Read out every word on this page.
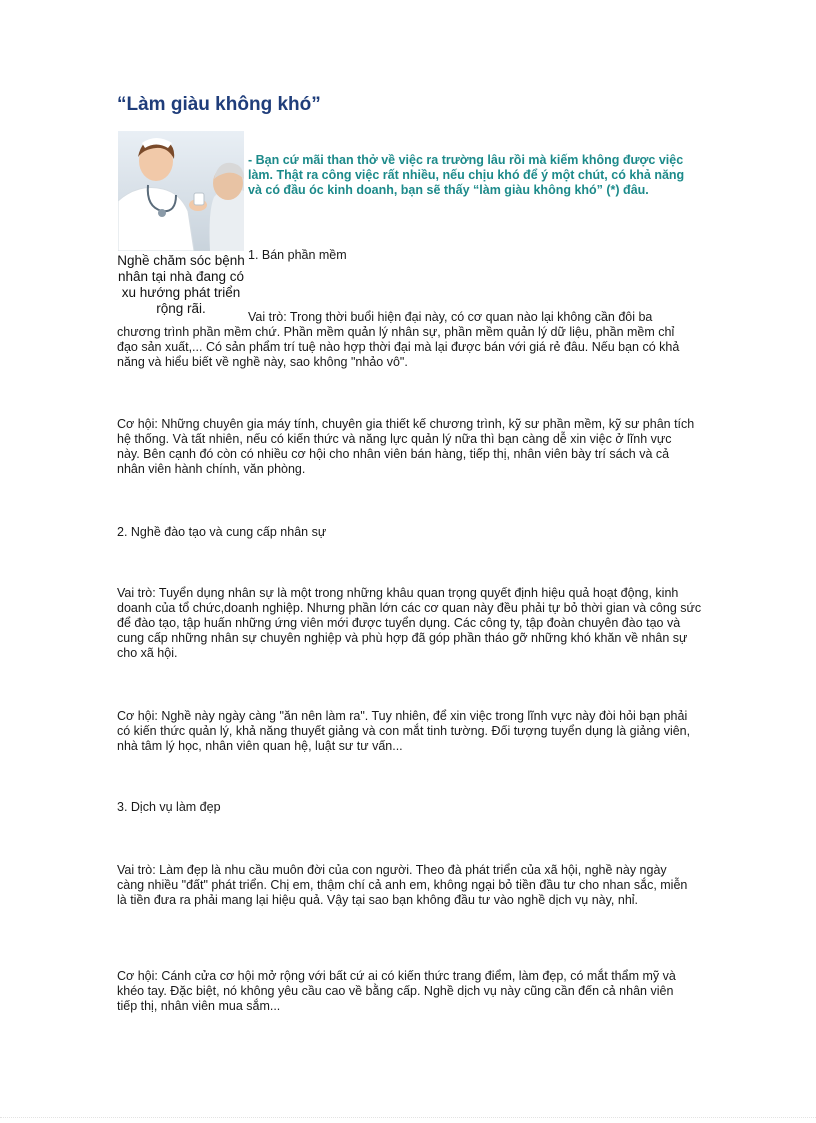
“Làm giàu không khó”
Nghề chăm sóc bệnh nhân tại nhà đang có xu hướng phát triển rộng rãi.

- Bạn cứ mãi than thở về việc ra trường lâu rồi mà kiếm không được việc làm. Thật ra công việc rất nhiều, nếu chịu khó để ý một chút, có khả năng và có đầu óc kinh doanh, bạn sẽ thấy “làm giàu không khó” (*) đâu.

1. Bán phần mềm

Vai trò: Trong thời buổi hiện đại này, có cơ quan nào lại không cần đôi ba chương trình phần mềm chứ. Phần mềm quản lý nhân sự, phần mềm quản lý dữ liệu, phần mềm chỉ đạo sản xuất,... Có sản phẩm trí tuệ nào hợp thời đại mà lại được bán với giá rẻ đâu. Nếu bạn có khả năng và hiểu biết về nghề này, sao không "nhảo vô".

Cơ hội: Những chuyên gia máy tính, chuyên gia thiết kế chương trình, kỹ sư phần mềm, kỹ sư phân tích hệ thống. Và tất nhiên, nếu có kiến thức và năng lực quản lý nữa thì bạn càng dễ xin việc ở lĩnh vực này. Bên cạnh đó còn có nhiều cơ hội cho nhân viên bán hàng, tiếp thị, nhân viên bày trí sách và cả nhân viên hành chính, văn phòng.

2. Nghề đào tạo và cung cấp nhân sự

Vai trò: Tuyển dụng nhân sự là một trong những khâu quan trọng quyết định hiệu quả hoạt động, kinh doanh của tổ chức,doanh nghiệp. Nhưng phần lớn các cơ quan này đều phải tự bỏ thời gian và công sức để đào tạo, tập huấn những ứng viên mới được tuyển dụng. Các công ty, tập đoàn chuyên đào tạo và cung cấp những nhân sự chuyên nghiệp và phù hợp đã góp phần tháo gỡ những khó khăn về nhân sự cho xã hội.

Cơ hội: Nghề này ngày càng "ăn nên làm ra". Tuy nhiên, để xin việc trong lĩnh vực này đòi hỏi bạn phải có kiến thức quản lý, khả năng thuyết giảng và con mắt tinh tường. Đối tượng tuyển dụng là giảng viên, nhà tâm lý học, nhân viên quan hệ, luật sư tư vấn...

3. Dịch vụ làm đẹp

Vai trò: Làm đẹp là nhu cầu muôn đời của con người. Theo đà phát triển của xã hội, nghề này ngày càng nhiều "đất" phát triển. Chị em, thậm chí cả anh em, không ngại bỏ tiền đầu tư cho nhan sắc, miễn là tiền đưa ra phải mang lại hiệu quả. Vậy tại sao bạn không đầu tư vào nghề dịch vụ này, nhỉ.

Cơ hội: Cánh cửa cơ hội mở rộng với bất cứ ai có kiến thức trang điểm, làm đẹp, có mắt thẩm mỹ và khéo tay. Đặc biệt, nó không yêu cầu cao về bằng cấp. Nghề dịch vụ này cũng cần đến cả nhân viên tiếp thị, nhân viên mua sắm...
